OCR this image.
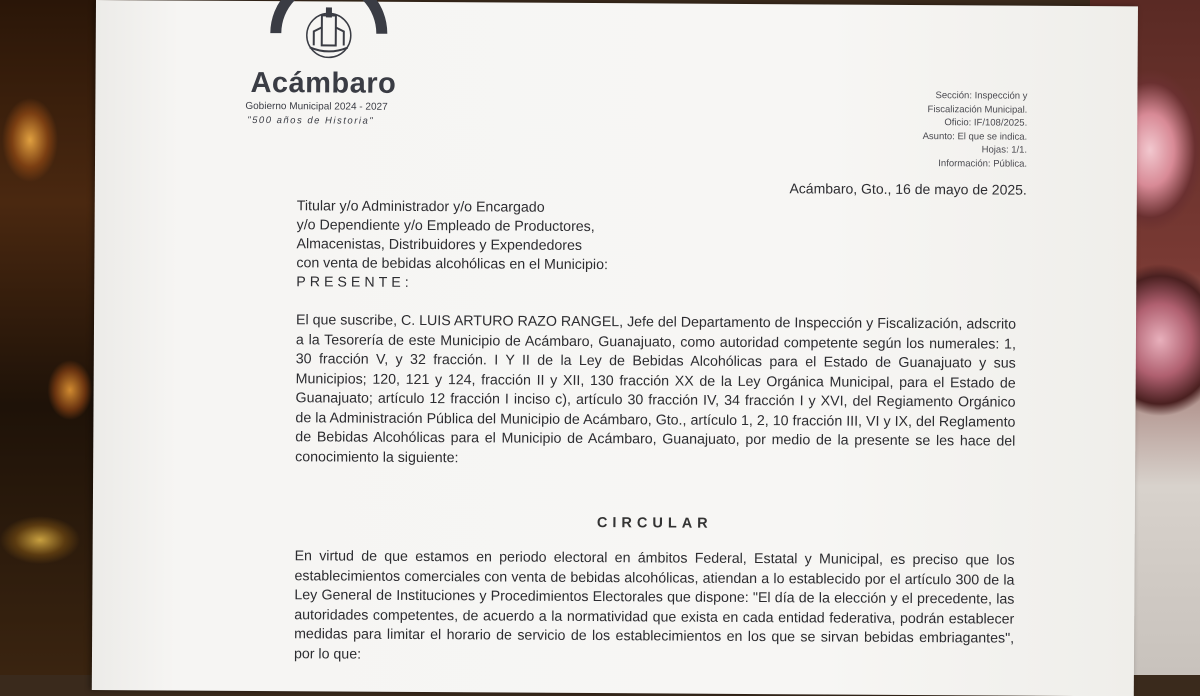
Acámbaro
Gobierno Municipal 2024 - 2027
"500 años de Historia"
Sección: Inspección y
Fiscalización Municipal.
Oficio: IF/108/2025.
Asunto: El que se indica.
Hojas: 1/1.
Información: Pública.
Acámbaro, Gto., 16 de mayo de 2025.
Titular y/o Administrador y/o Encargado
y/o Dependiente y/o Empleado de Productores,
Almacenistas, Distribuidores y Expendedores
con venta de bebidas alcohólicas en el Municipio:
PRESENTE:
El que suscribe, C. LUIS ARTURO RAZO RANGEL, Jefe del Departamento de Inspección y Fiscalización, adscrito a la Tesorería de este Municipio de Acámbaro, Guanajuato, como autoridad competente según los numerales: 1, 30 fracción V, y 32 fracción. I Y II de la Ley de Bebidas Alcohólicas para el Estado de Guanajuato y sus Municipios; 120, 121 y 124, fracción II y XII, 130 fracción XX de la Ley Orgánica Municipal, para el Estado de Guanajuato; artículo 12 fracción I inciso c), artículo 30 fracción IV, 34 fracción I y XVI, del Regiamento Orgánico de la Administración Pública del Municipio de Acámbaro, Gto., artículo 1, 2, 10 fracción III, VI y IX, del Reglamento de Bebidas Alcohólicas para el Municipio de Acámbaro, Guanajuato, por medio de la presente se les hace del conocimiento la siguiente:
CIRCULAR
En virtud de que estamos en periodo electoral en ámbitos Federal, Estatal y Municipal, es preciso que los establecimientos comerciales con venta de bebidas alcohólicas, atiendan a lo establecido por el artículo 300 de la Ley General de Instituciones y Procedimientos Electorales que dispone: "El día de la elección y el precedente, las autoridades competentes, de acuerdo a la normatividad que exista en cada entidad federativa, podrán establecer medidas para limitar el horario de servicio de los establecimientos en los que se sirvan bebidas embriagantes", por lo que:
